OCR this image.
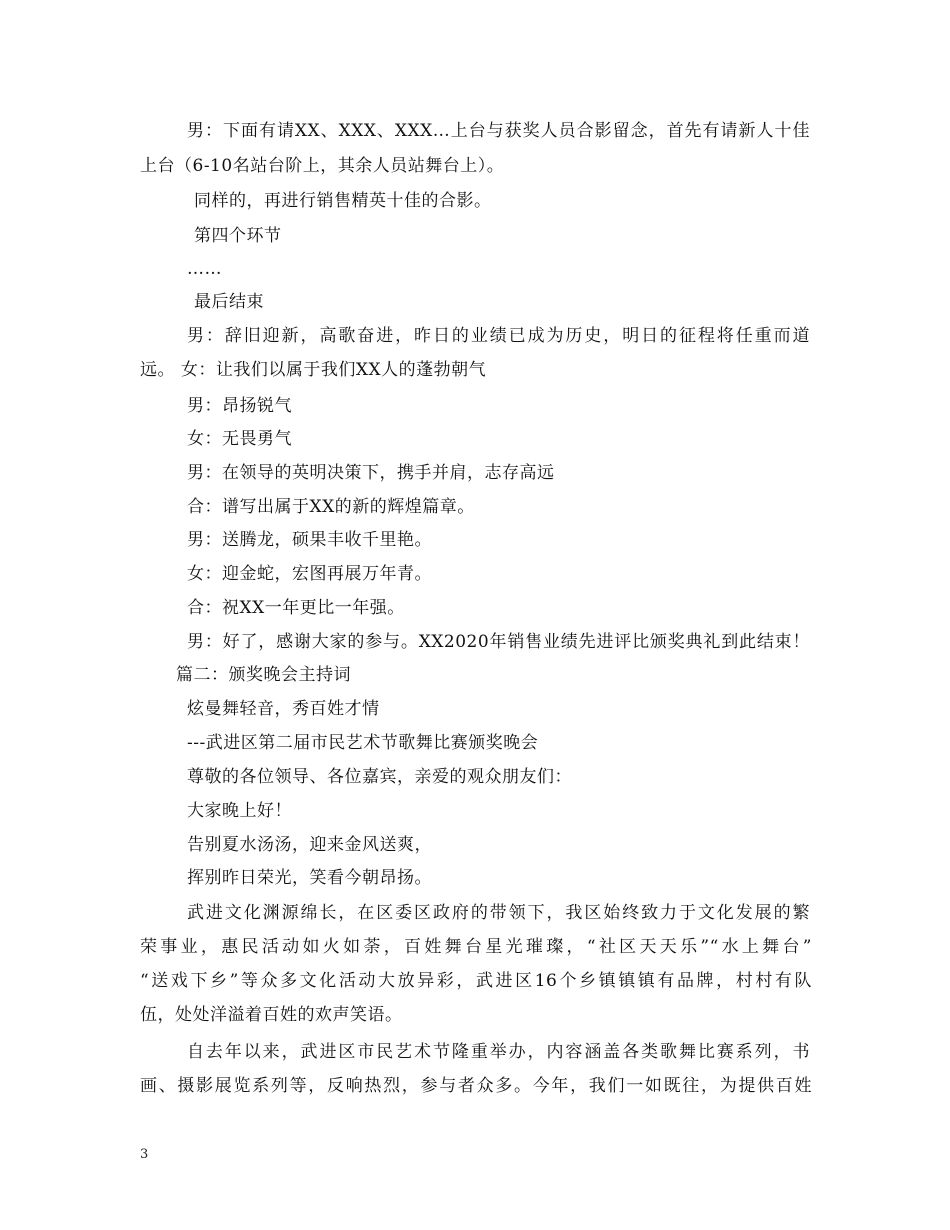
男：下面有请XX、XXX、XXX…上台与获奖人员合影留念，首先有请新人十佳
上台（6-10名站台阶上，其余人员站舞台上）。
同样的，再进行销售精英十佳的合影。
第四个环节
……
最后结束
男：辞旧迎新，高歌奋进，昨日的业绩已成为历史，明日的征程将任重而道
远。 女：让我们以属于我们XX人的蓬勃朝气
男：昂扬锐气
女：无畏勇气
男：在领导的英明决策下，携手并肩，志存高远
合：谱写出属于XX的新的辉煌篇章。
男：送腾龙，硕果丰收千里艳。
女：迎金蛇，宏图再展万年青。
合：祝XX一年更比一年强。
男：好了，感谢大家的参与。XX2020年销售业绩先进评比颁奖典礼到此结束！
篇二：颁奖晚会主持词
炫曼舞轻音，秀百姓才情
---武进区第二届市民艺术节歌舞比赛颁奖晚会
尊敬的各位领导、各位嘉宾，亲爱的观众朋友们：
大家晚上好！
告别夏水汤汤，迎来金风送爽，
挥别昨日荣光，笑看今朝昂扬。
武进文化渊源绵长，在区委区政府的带领下，我区始终致力于文化发展的繁
荣事业，惠民活动如火如荼，百姓舞台星光璀璨，“社区天天乐”“水上舞台”
“送戏下乡”等众多文化活动大放异彩，武进区16个乡镇镇镇有品牌，村村有队
伍，处处洋溢着百姓的欢声笑语。
自去年以来，武进区市民艺术节隆重举办，内容涵盖各类歌舞比赛系列，书
画、摄影展览系列等，反响热烈，参与者众多。今年，我们一如既往，为提供百姓
3
